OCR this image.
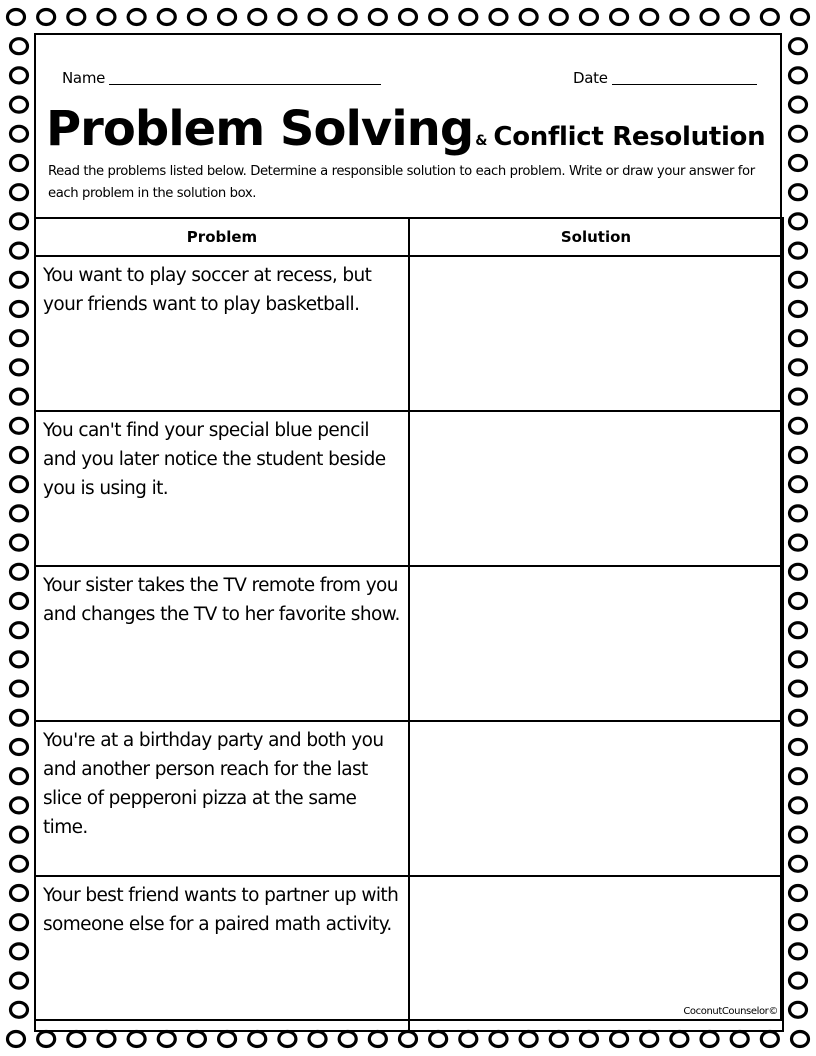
Name	Date
Problem Solving & Conflict Resolution
Read the problems listed below. Determine a responsible solution to each problem. Write or draw your answer for each problem in the solution box.
Problem	Solution

You want to play soccer at recess, but your friends want to play basketball.	

You can't find your special blue pencil and you later notice the student beside you is using it.	

Your sister takes the TV remote from you and changes the TV to her favorite show.	

You're at a birthday party and both you and another person reach for the last slice of pepperoni pizza at the same time.	

Your best friend wants to partner up with someone else for a paired math activity.	

CoconutCounselor©
